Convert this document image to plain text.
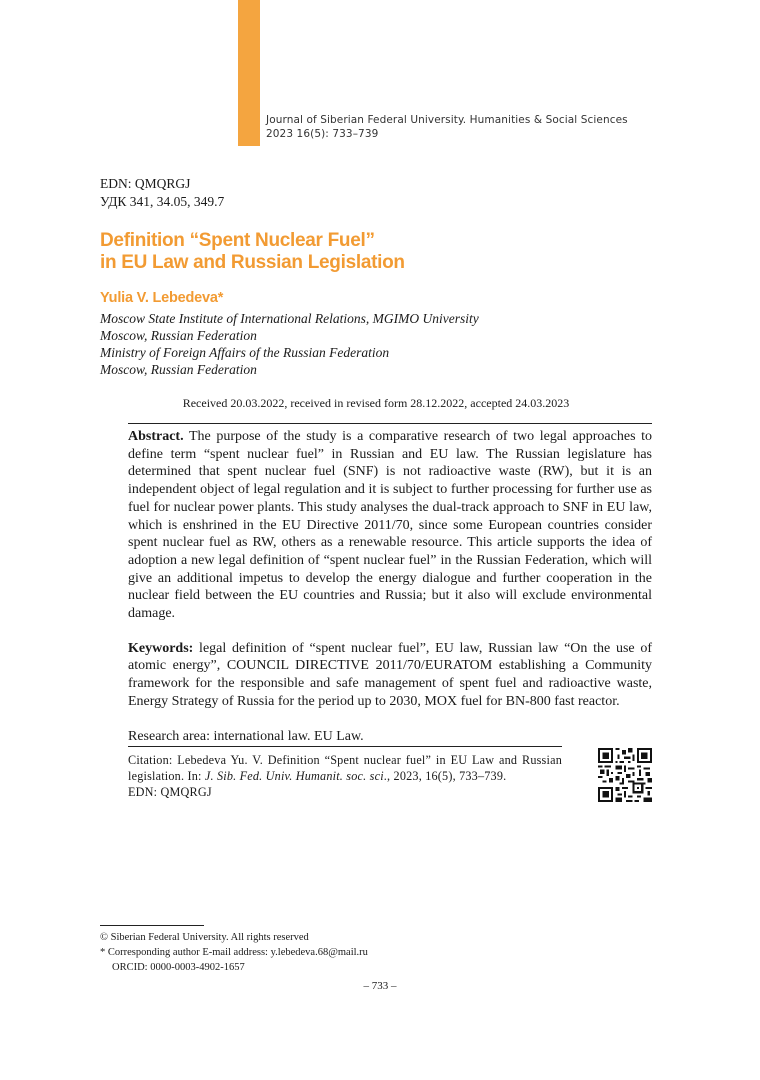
Journal of Siberian Federal University. Humanities & Social Sciences
2023 16(5): 733–739
EDN: QMQRGJ
УДК 341, 34.05, 349.7
Definition “Spent Nuclear Fuel”
in EU Law and Russian Legislation
Yulia V. Lebedeva*
Moscow State Institute of International Relations, MGIMO University
Moscow, Russian Federation
Ministry of Foreign Affairs of the Russian Federation
Moscow, Russian Federation
Received 20.03.2022, received in revised form 28.12.2022, accepted 24.03.2023

Abstract. The purpose of the study is a comparative research of two legal approaches to define term “spent nuclear fuel” in Russian and EU law. The Russian legislature has determined that spent nuclear fuel (SNF) is not radioactive waste (RW), but it is an independent object of legal regulation and it is subject to further processing for further use as fuel for nuclear power plants. This study analyses the dual-track approach to SNF in EU law, which is enshrined in the EU Directive 2011/70, since some European countries consider spent nuclear fuel as RW, others as a renewable resource. This article supports the idea of adoption a new legal definition of “spent nuclear fuel” in the Russian Federation, which will give an additional impetus to develop the energy dialogue and further cooperation in the nuclear field between the EU countries and Russia; but it also will exclude environmental damage.

Keywords: legal definition of “spent nuclear fuel”, EU law, Russian law “On the use of atomic energy”, COUNCIL DIRECTIVE 2011/70/EURATOM establishing a Community framework for the responsible and safe management of spent fuel and radioactive waste, Energy Strategy of Russia for the period up to 2030, MOX fuel for BN-800 fast reactor.

Research area: international law. EU Law.

Citation: Lebedeva Yu. V. Definition “Spent nuclear fuel” in EU Law and Russian legislation. In: J. Sib. Fed. Univ. Humanit. soc. sci., 2023, 16(5), 733–739.
EDN: QMQRGJ
© Siberian Federal University. All rights reserved
* Corresponding author E-mail address: y.lebedeva.68@mail.ru
ORCID: 0000-0003-4902-1657
– 733 –
